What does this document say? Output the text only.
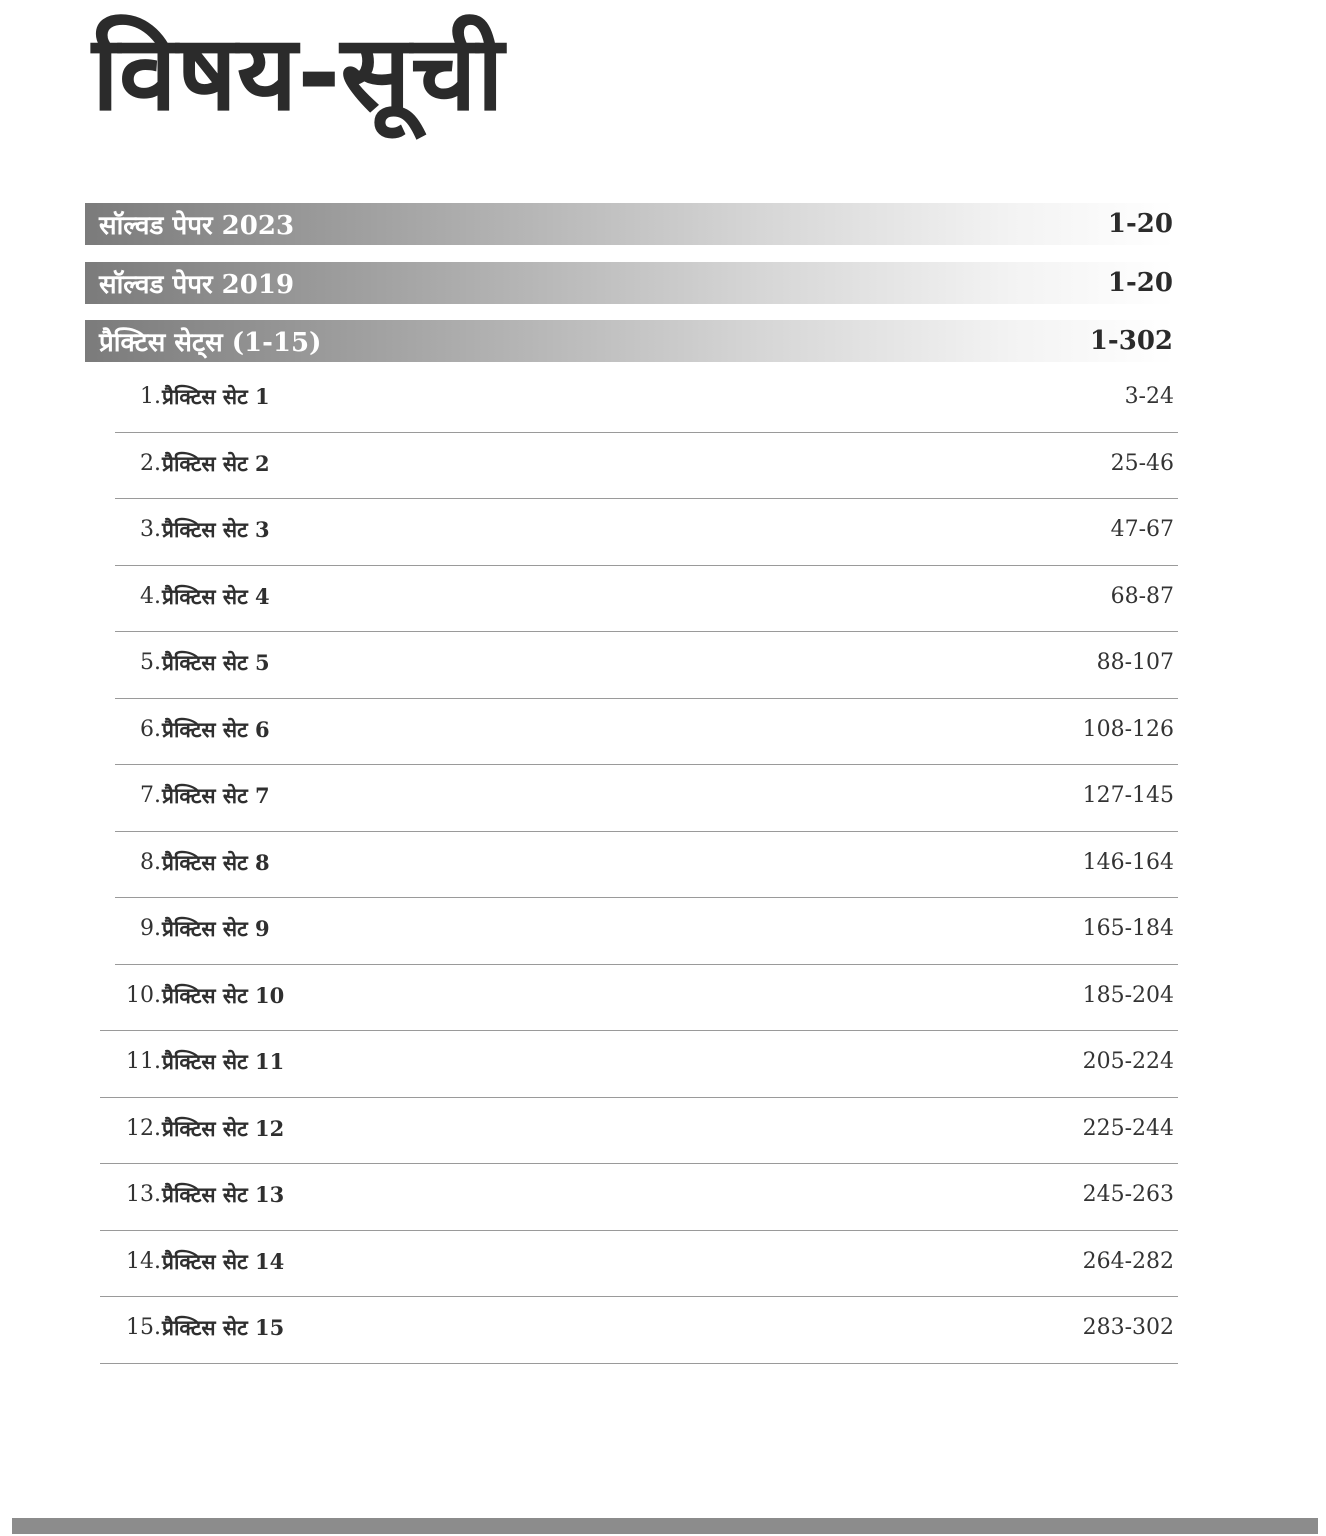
विषय-सूची
सॉल्वड पेपर 2023	1-20
सॉल्वड पेपर 2019	1-20
प्रैक्टिस सेट्स (1-15)	1-302
1. प्रैक्टिस सेट 1	3-24
2. प्रैक्टिस सेट 2	25-46
3. प्रैक्टिस सेट 3	47-67
4. प्रैक्टिस सेट 4	68-87
5. प्रैक्टिस सेट 5	88-107
6. प्रैक्टिस सेट 6	108-126
7. प्रैक्टिस सेट 7	127-145
8. प्रैक्टिस सेट 8	146-164
9. प्रैक्टिस सेट 9	165-184
10. प्रैक्टिस सेट 10	185-204
11. प्रैक्टिस सेट 11	205-224
12. प्रैक्टिस सेट 12	225-244
13. प्रैक्टिस सेट 13	245-263
14. प्रैक्टिस सेट 14	264-282
15. प्रैक्टिस सेट 15	283-302
